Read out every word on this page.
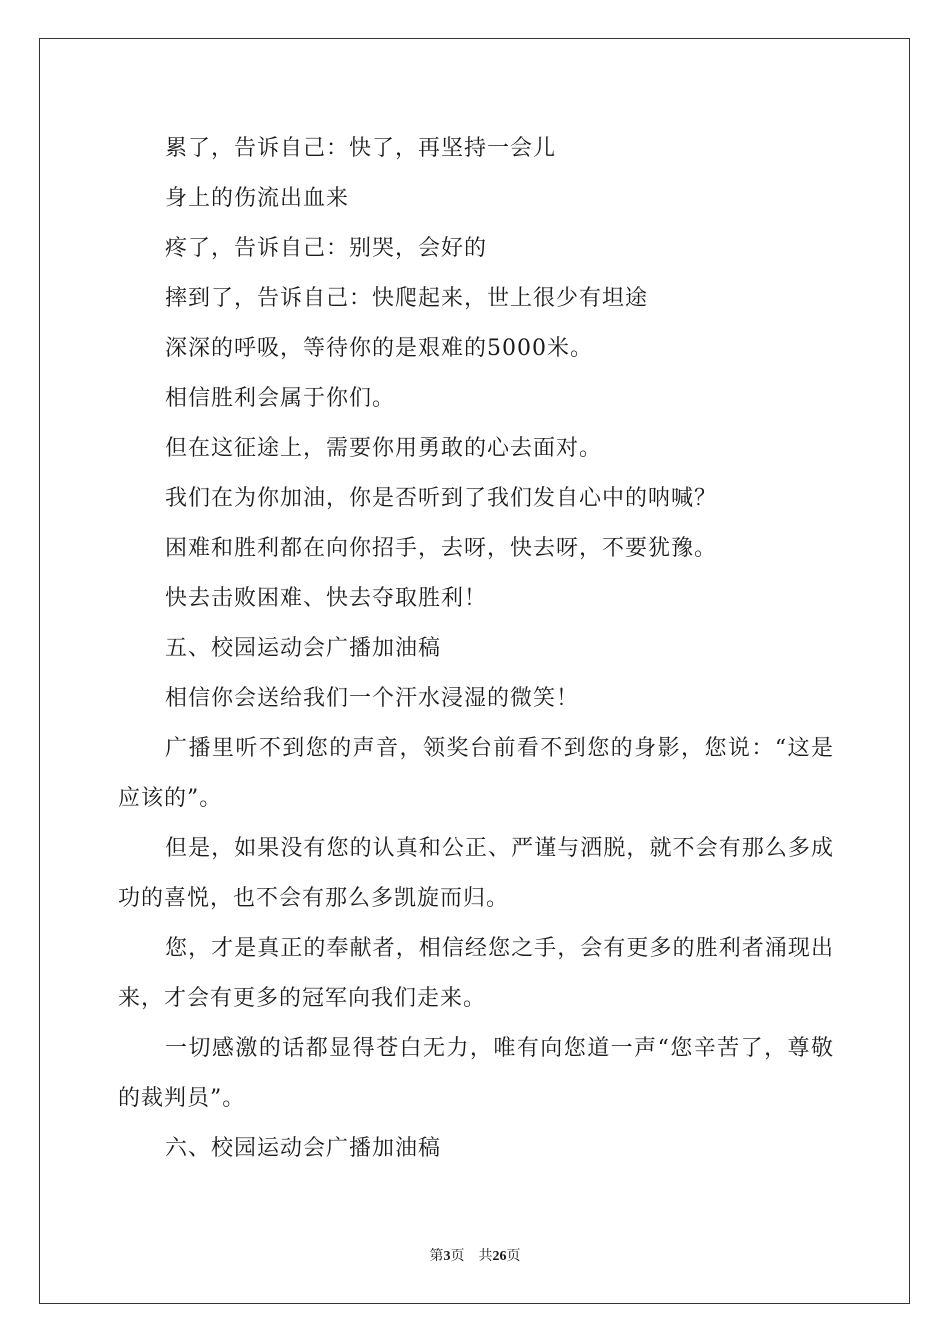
累了，告诉自己：快了，再坚持一会儿

身上的伤流出血来

疼了，告诉自己：别哭，会好的

摔到了，告诉自己：快爬起来，世上很少有坦途

深深的呼吸，等待你的是艰难的5000米。

相信胜利会属于你们。

但在这征途上，需要你用勇敢的心去面对。

我们在为你加油，你是否听到了我们发自心中的呐喊？

困难和胜利都在向你招手，去呀，快去呀，不要犹豫。

快去击败困难、快去夺取胜利！

五、校园运动会广播加油稿

相信你会送给我们一个汗水浸湿的微笑！

广播里听不到您的声音，领奖台前看不到您的身影，您说：“这是应该的”。

但是，如果没有您的认真和公正、严谨与洒脱，就不会有那么多成功的喜悦，也不会有那么多凯旋而归。

您，才是真正的奉献者，相信经您之手，会有更多的胜利者涌现出来，才会有更多的冠军向我们走来。

一切感激的话都显得苍白无力，唯有向您道一声“您辛苦了，尊敬的裁判员”。

六、校园运动会广播加油稿

第3页 共26页
